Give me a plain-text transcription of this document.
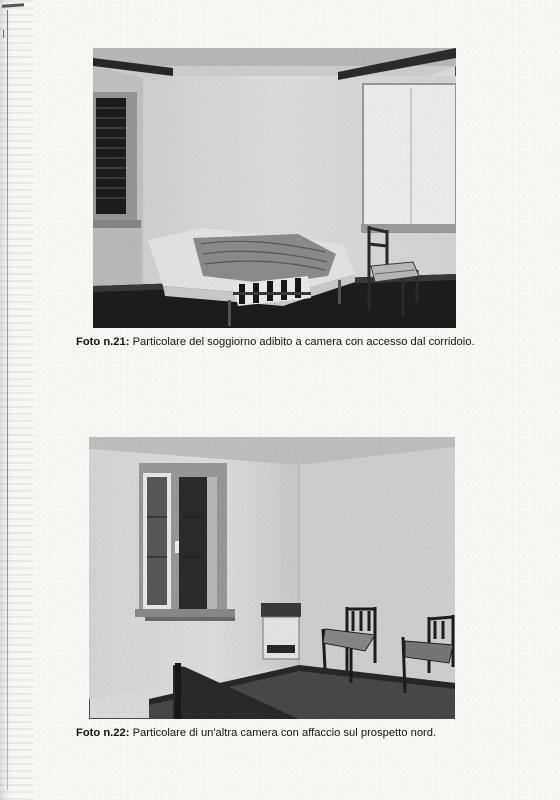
Foto n.21: Particolare del soggiorno adibito a camera con accesso dal corridoio.
Foto n.22: Particolare di un'altra camera con affaccio sul prospetto nord.
